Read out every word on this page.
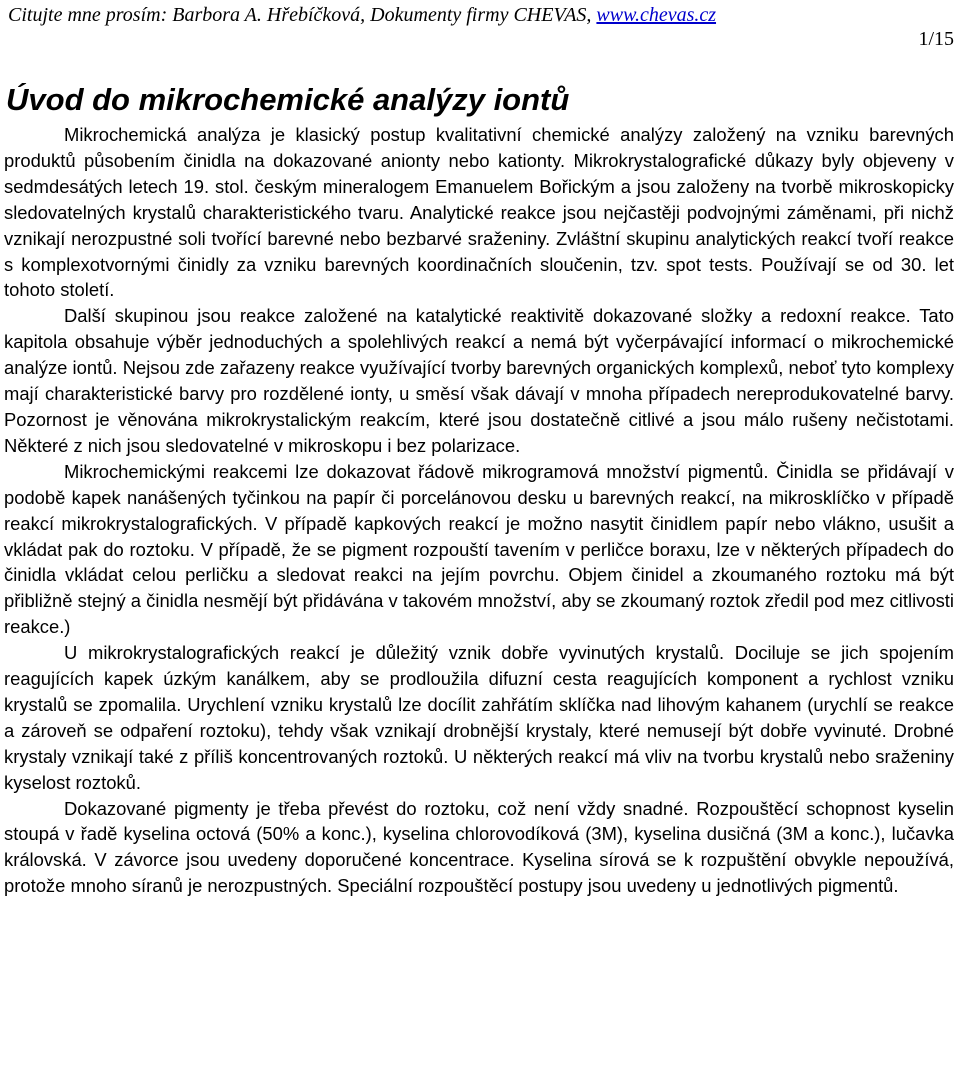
Citujte mne prosím: Barbora A. Hřebíčková, Dokumenty firmy CHEVAS, www.chevas.cz
1/15
Úvod do mikrochemické analýzy iontů

Mikrochemická analýza je klasický postup kvalitativní chemické analýzy založený na vzniku barevných produktů působením činidla na dokazované anionty nebo kationty. Mikrokrystalografické důkazy byly objeveny v sedmdesátých letech 19. stol. českým mineralogem Emanuelem Bořickým a jsou založeny na tvorbě mikroskopicky sledovatelných krystalů charakteristického tvaru. Analytické reakce jsou nejčastěji podvojnými záměnami, při nichž vznikají nerozpustné soli tvořící barevné nebo bezbarvé sraženiny. Zvláštní skupinu analytických reakcí tvoří reakce s komplexotvornými činidly za vzniku barevných koordinačních sloučenin, tzv. spot tests. Používají se od 30. let tohoto století.

Další skupinou jsou reakce založené na katalytické reaktivitě dokazované složky a redoxní reakce. Tato kapitola obsahuje výběr jednoduchých a spolehlivých reakcí a nemá být vyčerpávající informací o mikrochemické analýze iontů. Nejsou zde zařazeny reakce využívající tvorby barevných organických komplexů, neboť tyto komplexy mají charakteristické barvy pro rozdělené ionty, u směsí však dávají v mnoha případech nereprodukovatelné barvy. Pozornost je věnována mikrokrystalickým reakcím, které jsou dostatečně citlivé a jsou málo rušeny nečistotami. Některé z nich jsou sledovatelné v mikroskopu i bez polarizace.

Mikrochemickými reakcemi lze dokazovat řádově mikrogramová množství pigmentů. Činidla se přidávají v podobě kapek nanášených tyčinkou na papír či porcelánovou desku u barevných reakcí, na mikrosklíčko v případě reakcí mikrokrystalografických. V případě kapkových reakcí je možno nasytit činidlem papír nebo vlákno, usušit a vkládat pak do roztoku. V případě, že se pigment rozpouští tavením v perličce boraxu, lze v některých případech do činidla vkládat celou perličku a sledovat reakci na jejím povrchu. Objem činidel a zkoumaného roztoku má být přibližně stejný a činidla nesmějí být přidávána v takovém množství, aby se zkoumaný roztok zředil pod mez citlivosti reakce.)

U mikrokrystalografických reakcí je důležitý vznik dobře vyvinutých krystalů. Dociluje se jich spojením reagujících kapek úzkým kanálkem, aby se prodloužila difuzní cesta reagujících komponent a rychlost vzniku krystalů se zpomalila. Urychlení vzniku krystalů lze docílit zahřátím sklíčka nad lihovým kahanem (urychlí se reakce a zároveň se odpaření roztoku), tehdy však vznikají drobnější krystaly, které nemusejí být dobře vyvinuté. Drobné krystaly vznikají také z příliš koncentrovaných roztoků. U některých reakcí má vliv na tvorbu krystalů nebo sraženiny kyselost roztoků.

Dokazované pigmenty je třeba převést do roztoku, což není vždy snadné. Rozpouštěcí schopnost kyselin stoupá v řadě kyselina octová (50% a konc.), kyselina chlorovodíková (3M), kyselina dusičná (3M a konc.), lučavka královská. V závorce jsou uvedeny doporučené koncentrace. Kyselina sírová se k rozpuštění obvykle nepoužívá, protože mnoho síranů je nerozpustných. Speciální rozpouštěcí postupy jsou uvedeny u jednotlivých pigmentů.
